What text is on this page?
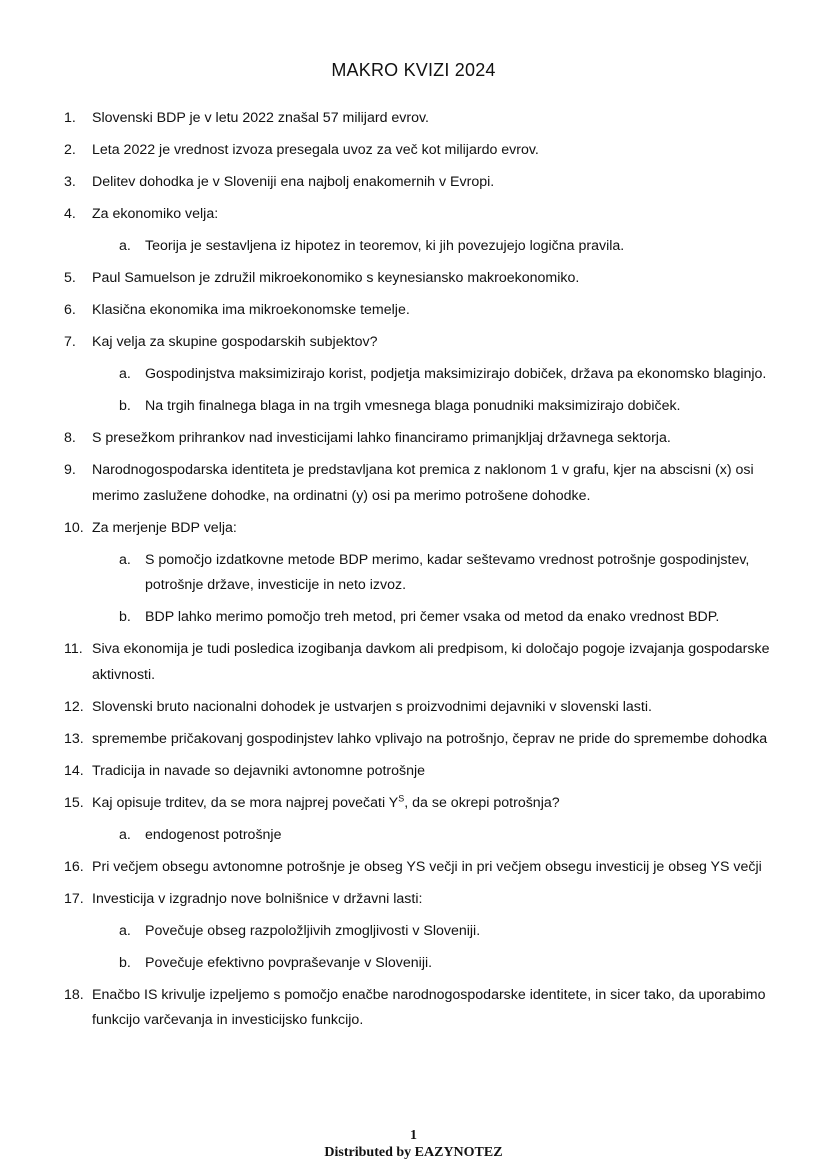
MAKRO KVIZI 2024
1. Slovenski BDP je v letu 2022 znašal 57 milijard evrov.
2. Leta 2022 je vrednost izvoza presegala uvoz za več kot milijardo evrov.
3. Delitev dohodka je v Sloveniji ena najbolj enakomernih v Evropi.
4. Za ekonomiko velja:
a. Teorija je sestavljena iz hipotez in teoremov, ki jih povezujejo logična pravila.
5. Paul Samuelson je združil mikroekonomiko s keynesiansko makroekonomiko.
6. Klasična ekonomika ima mikroekonomske temelje.
7. Kaj velja za skupine gospodarskih subjektov?
a. Gospodinjstva maksimizirajo korist, podjetja maksimizirajo dobiček, država pa ekonomsko blaginjo.
b. Na trgih finalnega blaga in na trgih vmesnega blaga ponudniki maksimizirajo dobiček.
8. S presežkom prihrankov nad investicijami lahko financiramo primanjkljaj državnega sektorja.
9. Narodnogospodarska identiteta je predstavljana kot premica z naklonom 1 v grafu, kjer na abscisni (x) osi merimo zaslužene dohodke, na ordinatni (y) osi pa merimo potrošene dohodke.
10. Za merjenje BDP velja:
a. S pomočjo izdatkovne metode BDP merimo, kadar seštevamo vrednost potrošnje gospodinjstev, potrošnje države, investicije in neto izvoz.
b. BDP lahko merimo pomočjo treh metod, pri čemer vsaka od metod da enako vrednost BDP.
11. Siva ekonomija je tudi posledica izogibanja davkom ali predpisom, ki določajo pogoje izvajanja gospodarske aktivnosti.
12. Slovenski bruto nacionalni dohodek je ustvarjen s proizvodnimi dejavniki v slovenski lasti.
13. spremembe pričakovanj gospodinjstev lahko vplivajo na potrošnjo, čeprav ne pride do spremembe dohodka
14. Tradicija in navade so dejavniki avtonomne potrošnje
15. Kaj opisuje trditev, da se mora najprej povečati $Y^S$, da se okrepi potrošnja?
a. endogenost potrošnje
16. Pri večjem obsegu avtonomne potrošnje je obseg YS večji in pri večjem obsegu investicij je obseg YS večji
17. Investicija v izgradnjo nove bolnišnice v državni lasti:
a. Povečuje obseg razpoložljivih zmogljivosti v Sloveniji.
b. Povečuje efektivno povpraševanje v Sloveniji.
18. Enačbo IS krivulje izpeljemo s pomočjo enačbe narodnogospodarske identitete, in sicer tako, da uporabimo funkcijo varčevanja in investicijsko funkcijo.
1
Distributed by EAZYNOTEZ
